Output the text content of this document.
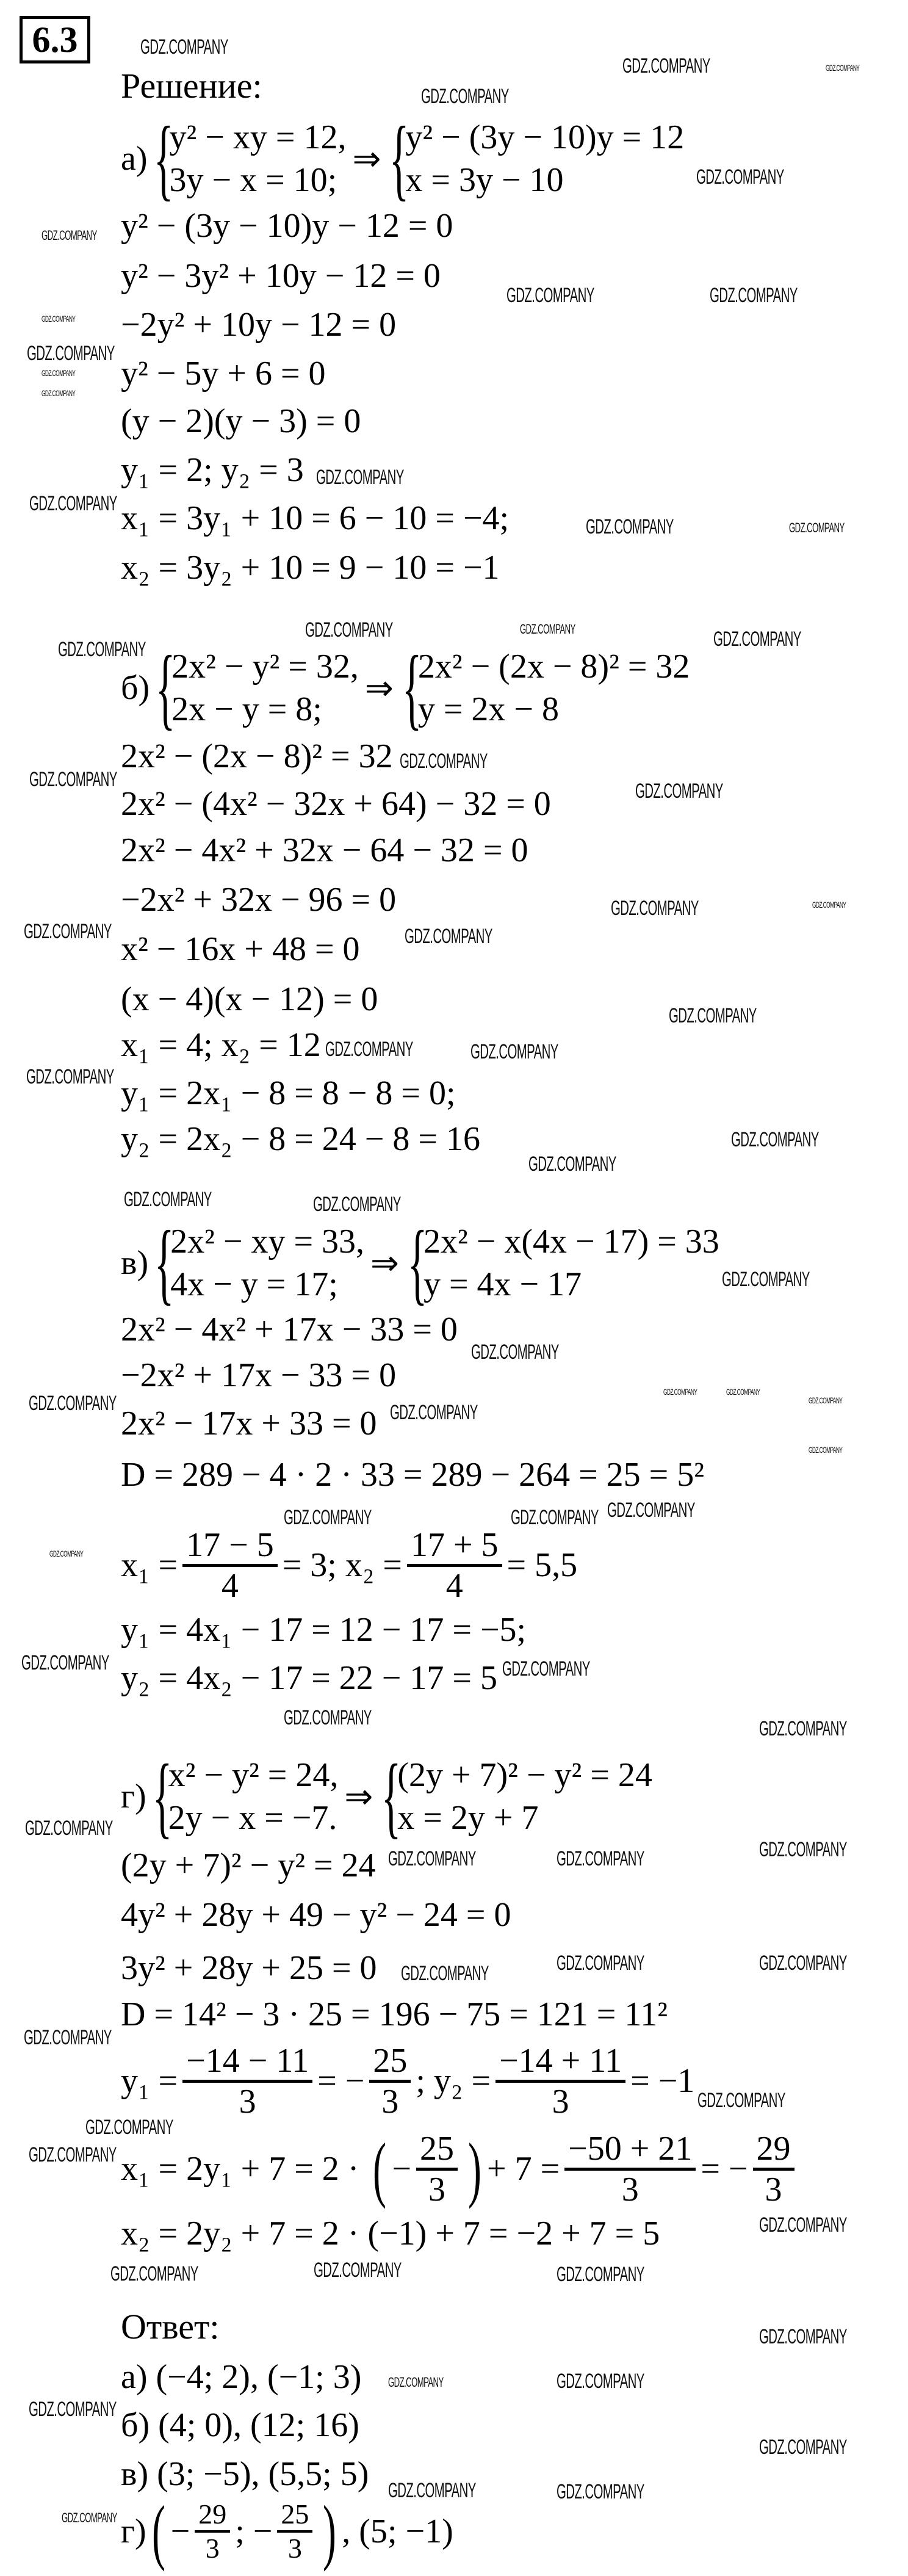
6.3
Решение:
а) {
y² − xy = 12,
3y − x = 10;
⇒ {
y² − (3y − 10)y = 12
x = 3y − 10
y² − (3y − 10)y − 12 = 0
y² − 3y² + 10y − 12 = 0
−2y² + 10y − 12 = 0
y² − 5y + 6 = 0
(y − 2)(y − 3) = 0
y₁ = 2; y₂ = 3
x₁ = 3y₁ + 10 = 6 − 10 = −4;
x₂ = 3y₂ + 10 = 9 − 10 = −1
б) {
2x² − y² = 32,
2x − y = 8;
⇒ {
2x² − (2x − 8)² = 32
y = 2x − 8
2x² − (2x − 8)² = 32
2x² − (4x² − 32x + 64) − 32 = 0
2x² − 4x² + 32x − 64 − 32 = 0
−2x² + 32x − 96 = 0
x² − 16x + 48 = 0
(x − 4)(x − 12) = 0
x₁ = 4; x₂ = 12
y₁ = 2x₁ − 8 = 8 − 8 = 0;
y₂ = 2x₂ − 8 = 24 − 8 = 16
в) {
2x² − xy = 33,
4x − y = 17;
⇒ {
2x² − x(4x − 17) = 33
y = 4x − 17
2x² − 4x² + 17x − 33 = 0
−2x² + 17x − 33 = 0
2x² − 17x + 33 = 0
D = 289 − 4 · 2 · 33 = 289 − 264 = 25 = 5²
$x_1 = \frac{17 - 5}{4} = 3$; $x_2 = \frac{17 + 5}{4} = 5,5$
y₁ = 4x₁ − 17 = 12 − 17 = −5;
y₂ = 4x₂ − 17 = 22 − 17 = 5
г) {
x² − y² = 24,
2y − x = −7.
⇒ {
(2y + 7)² − y² = 24
x = 2y + 7
(2y + 7)² − y² = 24
4y² + 28y + 49 − y² − 24 = 0
3y² + 28y + 25 = 0
D = 14² − 3 · 25 = 196 − 75 = 121 = 11²
$y_1 = \frac{-14 - 11}{3}$ = − $\frac{25}{3}$ ; $y_2 = \frac{-14 + 11}{3} = -1$
x₁ = 2y₁ + 7 = 2 · ( − $\frac{25}{3}$ ) + $7 = \frac{-50 + 21}{3}$ = − $\frac{29}{3}$
x₂ = 2y₂ + 7 = 2 · (−1) + 7 = −2 + 7 = 5
Ответ:
а) (−4; 2), (−1; 3)
б) (4; 0), (12; 16)
в) (3; −5), (5,5; 5)
г) ( − $\frac{29}{3}$ ; − $\frac{25}{3}$ ) , (5; −1)
GDZ.COMPANY
GDZ.COMPANY	GDZ.COMPANY
GDZ.COMPANY
GDZ.COMPANY
GDZ.COMPANY
GDZ.COMPANY	GDZ.COMPANY
GDZ.COMPANY
GDZ.COMPANY
GDZ.COMPANY
GDZ.COMPANY
GDZ.COMPANY
GDZ.COMPANY
GDZ.COMPANY	GDZ.COMPANY
GDZ.COMPANY
GDZ.COMPANY	GDZ.COMPANY	GDZ.COMPANY
GDZ.COMPANY
GDZ.COMPANY
GDZ.COMPANY
GDZ.COMPANY	GDZ.COMPANY
GDZ.COMPANY	GDZ.COMPANY
GDZ.COMPANY
GDZ.COMPANY
GDZ.COMPANY
GDZ.COMPANY
GDZ.COMPANY
GDZ.COMPANY
GDZ.COMPANY	GDZ.COMPANY
GDZ.COMPANY
GDZ.COMPANY
GDZ.COMPANY	GDZ.COMPANY
GDZ.COMPANY	GDZ.COMPANY
GDZ.COMPANY
GDZ.COMPANY
GDZ.COMPANY
GDZ.COMPANY
GDZ.COMPANY	GDZ.COMPANY
GDZ.COMPANY
GDZ.COMPANY
GDZ.COMPANY
GDZ.COMPANY
GDZ.COMPANY
GDZ.COMPANY	GDZ.COMPANY	GDZ.COMPANY
GDZ.COMPANY	GDZ.COMPANY
GDZ.COMPANY
GDZ.COMPANY
GDZ.COMPANY
GDZ.COMPANY
GDZ.COMPANY
GDZ.COMPANY
GDZ.COMPANY	GDZ.COMPANY	GDZ.COMPANY
GDZ.COMPANY
GDZ.COMPANY
GDZ.COMPANY
GDZ.COMPANY
GDZ.COMPANY
GDZ.COMPANY
GDZ.COMPANY
GDZ.COMPANY
